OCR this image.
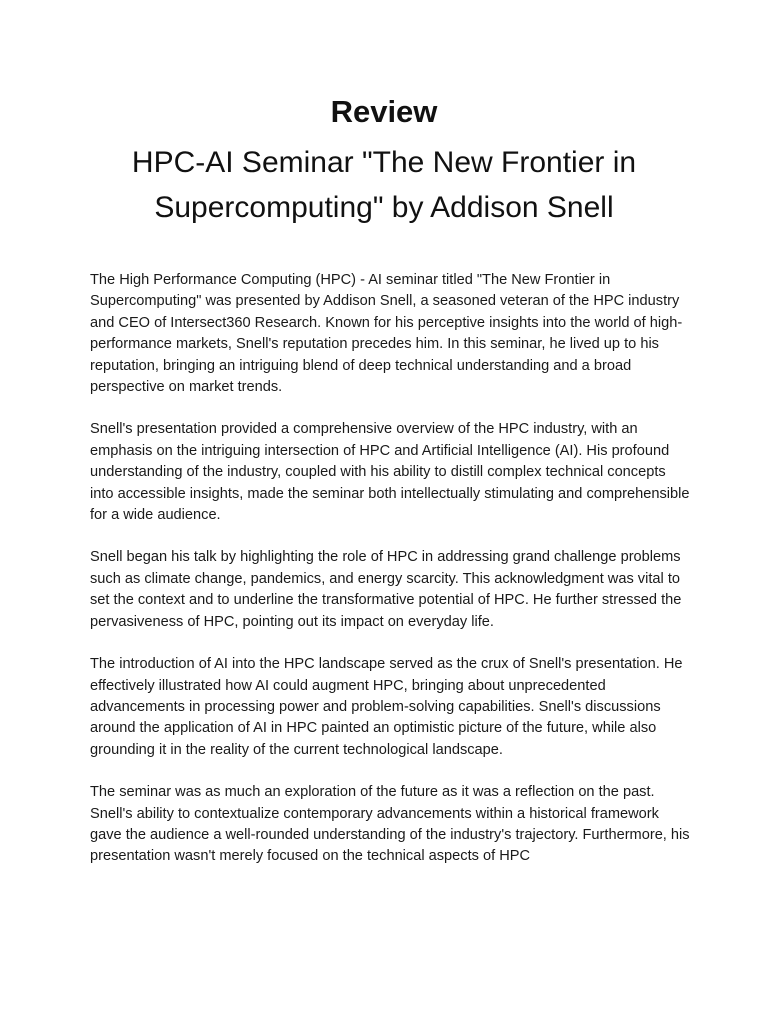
Review
HPC-AI Seminar "The New Frontier in Supercomputing" by Addison Snell

The High Performance Computing (HPC) - AI seminar titled "The New Frontier in Supercomputing" was presented by Addison Snell, a seasoned veteran of the HPC industry and CEO of Intersect360 Research. Known for his perceptive insights into the world of high-performance markets, Snell's reputation precedes him. In this seminar, he lived up to his reputation, bringing an intriguing blend of deep technical understanding and a broad perspective on market trends.

Snell's presentation provided a comprehensive overview of the HPC industry, with an emphasis on the intriguing intersection of HPC and Artificial Intelligence (AI). His profound understanding of the industry, coupled with his ability to distill complex technical concepts into accessible insights, made the seminar both intellectually stimulating and comprehensible for a wide audience.

Snell began his talk by highlighting the role of HPC in addressing grand challenge problems such as climate change, pandemics, and energy scarcity. This acknowledgment was vital to set the context and to underline the transformative potential of HPC. He further stressed the pervasiveness of HPC, pointing out its impact on everyday life.

The introduction of AI into the HPC landscape served as the crux of Snell's presentation. He effectively illustrated how AI could augment HPC, bringing about unprecedented advancements in processing power and problem-solving capabilities. Snell's discussions around the application of AI in HPC painted an optimistic picture of the future, while also grounding it in the reality of the current technological landscape.

The seminar was as much an exploration of the future as it was a reflection on the past. Snell's ability to contextualize contemporary advancements within a historical framework gave the audience a well-rounded understanding of the industry's trajectory. Furthermore, his presentation wasn't merely focused on the technical aspects of HPC
